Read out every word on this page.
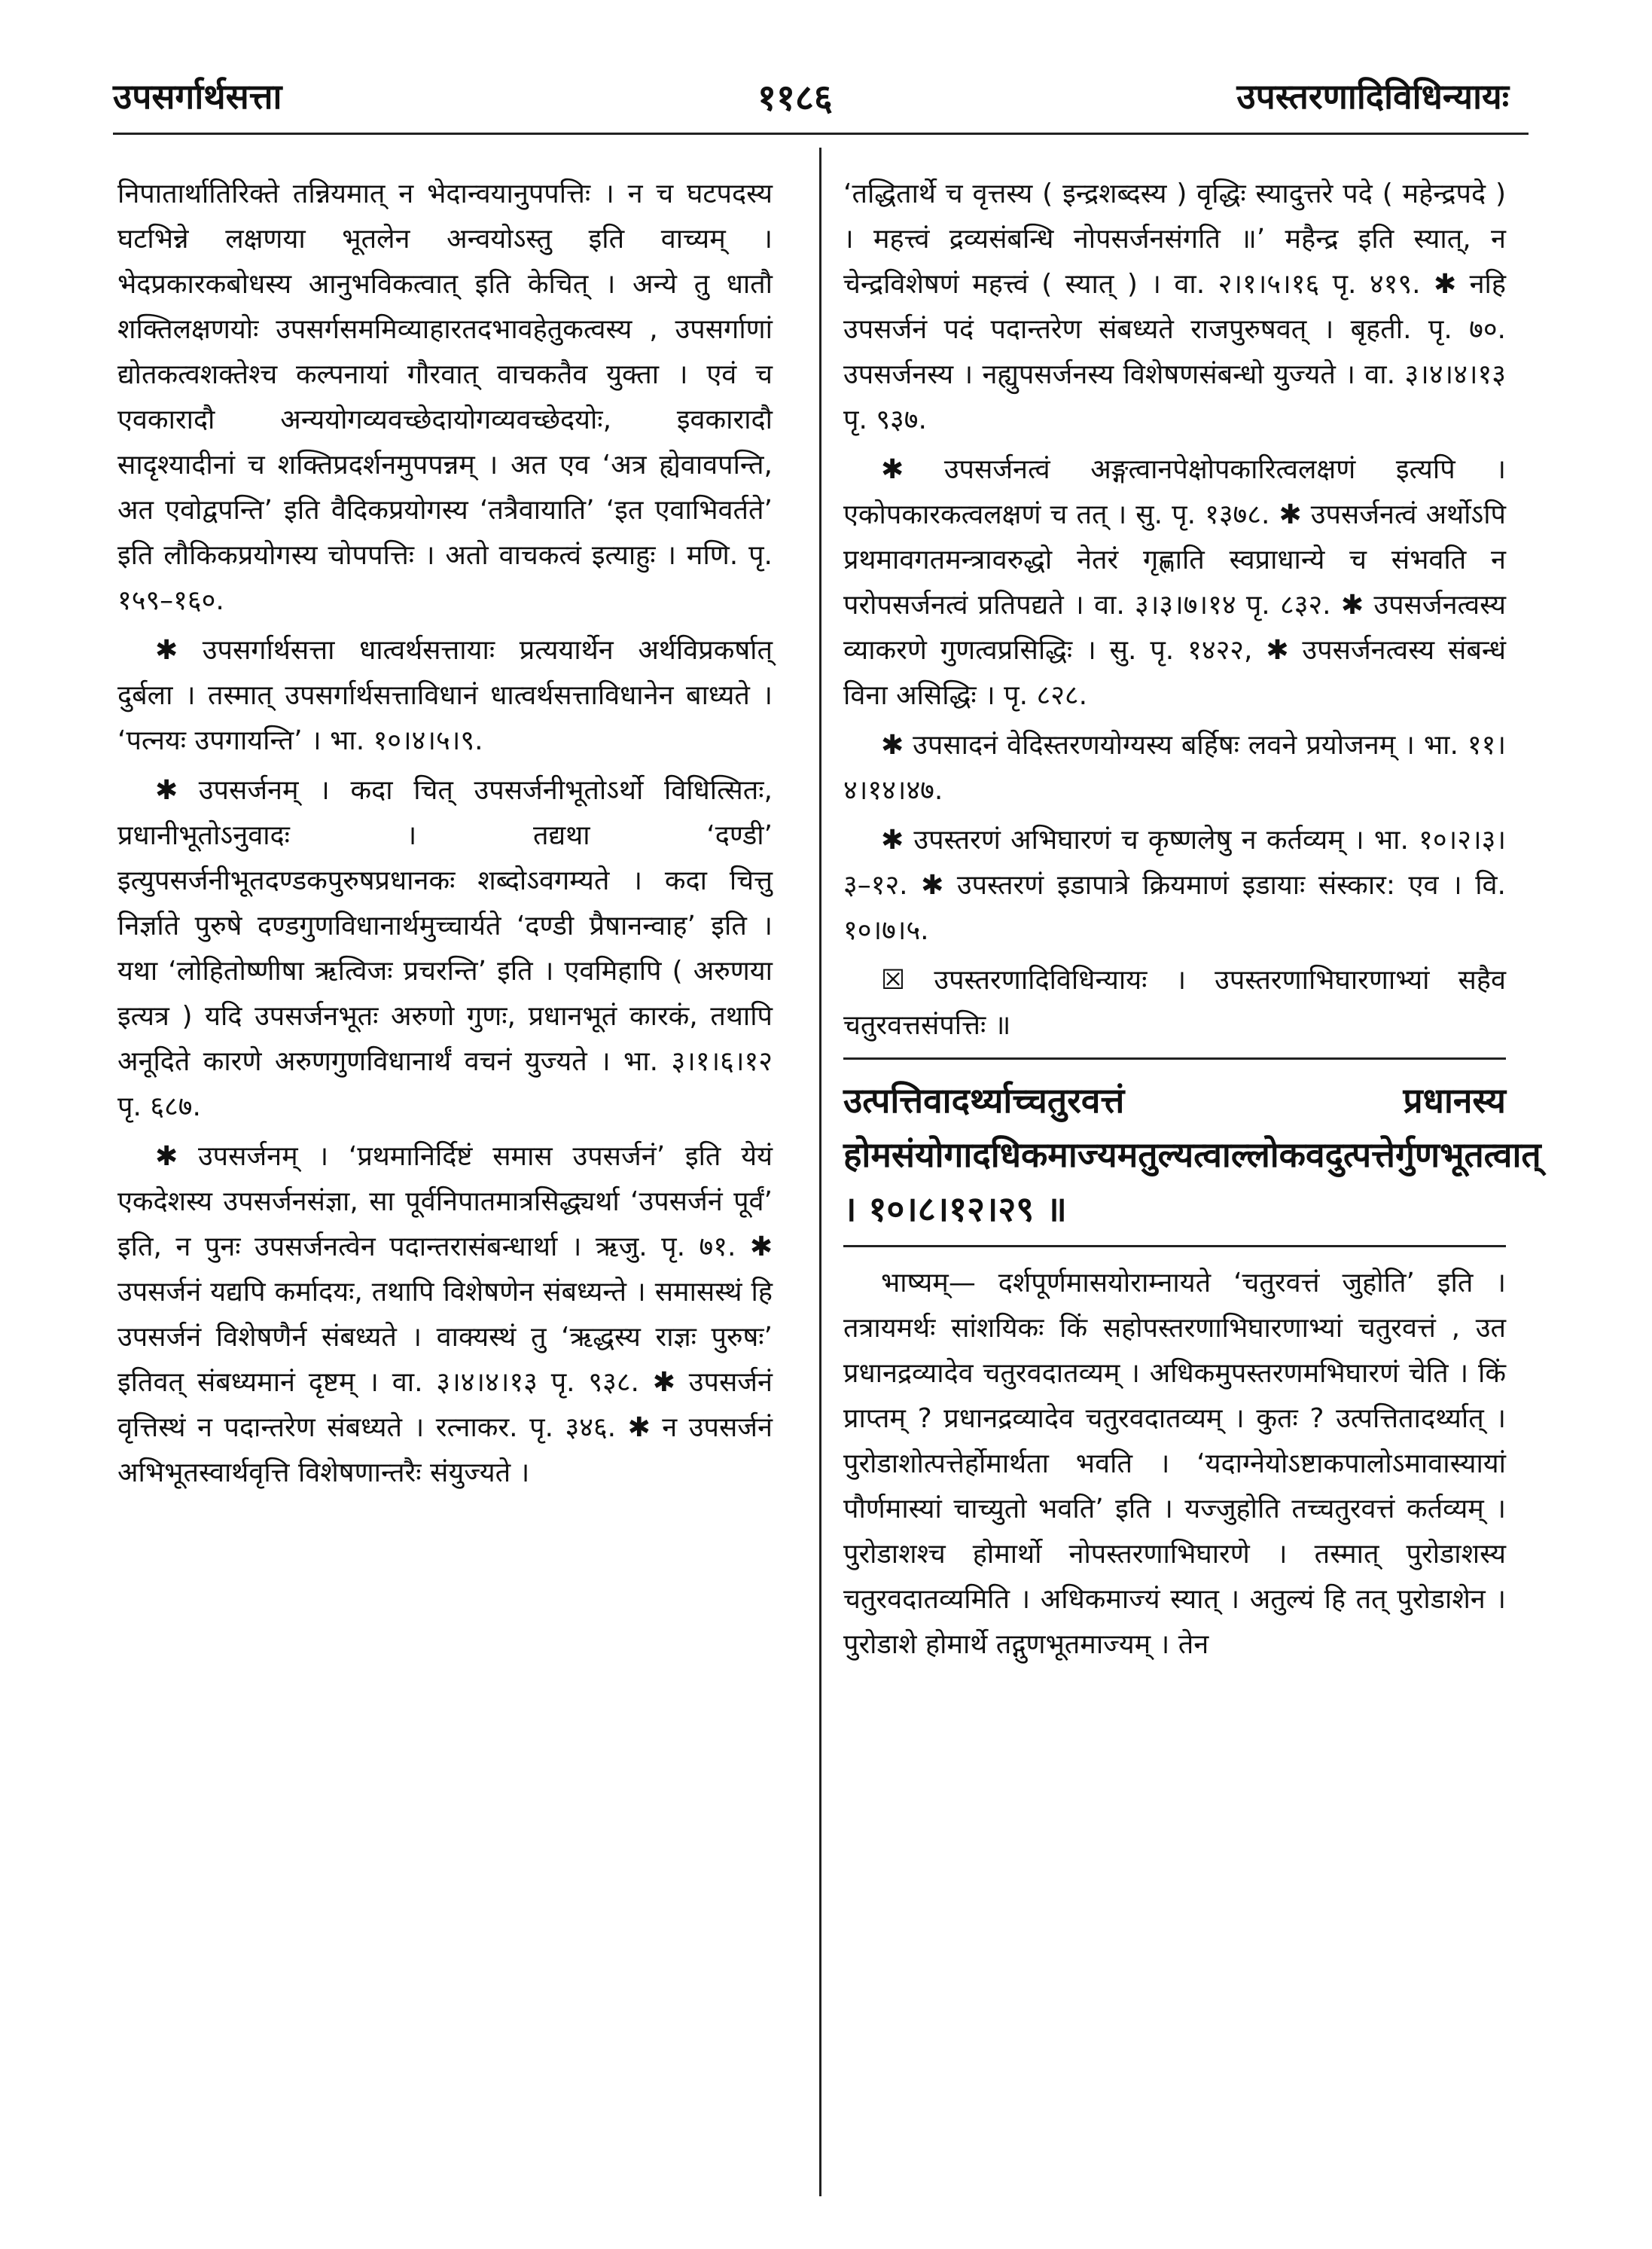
उपसर्गार्थसत्ता	११८६	उपस्तरणादिविधिन्यायः

निपातार्थातिरिक्ते तन्नियमात् न भेदान्वयानुपपत्तिः । न च घटपदस्य घटभिन्ने लक्षणया भूतलेन अन्वयोऽस्तु इति वाच्यम् । भेदप्रकारकबोधस्य आनुभविकत्वात् इति केचित् । अन्ये तु धातौ शक्तिलक्षणयोः उपसर्गसममिव्याहारतदभावहेतुकत्वस्य , उपसर्गाणां द्योतकत्वशक्तेश्च कल्पनायां गौरवात् वाचकतैव युक्ता । एवं च एवकारादौ अन्ययोगव्यवच्छेदायोगव्यवच्छेदयोः, इवकारादौ सादृश्यादीनां च शक्तिप्रदर्शनमुपपन्नम् । अत एव ‘अत्र ह्येवावपन्ति, अत एवोद्वपन्ति’ इति वैदिकप्रयोगस्य ‘तत्रैवायाति’ ‘इत एवाभिवर्तते’ इति लौकिकप्रयोगस्य चोपपत्तिः । अतो वाचकत्वं इत्याहुः । मणि. पृ. १५९–१६०.

✱ उपसर्गार्थसत्ता धात्वर्थसत्तायाः प्रत्ययार्थेन अर्थविप्रकर्षात् दुर्बला । तस्मात् उपसर्गार्थसत्ताविधानं धात्वर्थसत्ताविधानेन बाध्यते । ‘पत्नयः उपगायन्ति’ । भा. १०।४।५।९.

✱ उपसर्जनम् । कदा चित् उपसर्जनीभूतोऽर्थो विधित्सितः, प्रधानीभूतोऽनुवादः । तद्यथा ‘दण्डी’ इत्युपसर्जनीभूतदण्डकपुरुषप्रधानकः शब्दोऽवगम्यते । कदा चित्तु निर्ज्ञाते पुरुषे दण्डगुणविधानार्थमुच्चार्यते ‘दण्डी प्रैषानन्वाह’ इति । यथा ‘लोहितोष्णीषा ऋत्विजः प्रचरन्ति’ इति । एवमिहापि ( अरुणया इत्यत्र ) यदि उपसर्जनभूतः अरुणो गुणः, प्रधानभूतं कारकं, तथापि अनूदिते कारणे अरुणगुणविधानार्थं वचनं युज्यते । भा. ३।१।६।१२ पृ. ६८७.

✱ उपसर्जनम् । ‘प्रथमानिर्दिष्टं समास उपसर्जनं’ इति येयं एकदेशस्य उपसर्जनसंज्ञा, सा पूर्वनिपातमात्रसिद्ध्यर्था ‘उपसर्जनं पूर्वं’ इति, न पुनः उपसर्जनत्वेन पदान्तरासंबन्धार्था । ऋजु. पृ. ७१. ✱ उपसर्जनं यद्यपि कर्मादयः, तथापि विशेषणेन संबध्यन्ते । समासस्थं हि उपसर्जनं विशेषणैर्न संबध्यते । वाक्यस्थं तु ‘ऋद्धस्य राज्ञः पुरुषः’ इतिवत् संबध्यमानं दृष्टम् । वा. ३।४।४।१३ पृ. ९३८. ✱ उपसर्जनं वृत्तिस्थं न पदान्तरेण संबध्यते । रत्नाकर. पृ. ३४६. ✱ न उपसर्जनं अभिभूतस्वार्थवृत्ति विशेषणान्तरैः संयुज्यते ।

‘तद्धितार्थे च वृत्तस्य ( इन्द्रशब्दस्य ) वृद्धिः स्यादुत्तरे पदे ( महेन्द्रपदे ) । महत्त्वं द्रव्यसंबन्धि नोपसर्जनसंगति ॥’ महैन्द्र इति स्यात्, न चेन्द्रविशेषणं महत्त्वं ( स्यात् ) । वा. २।१।५।१६ पृ. ४१९. ✱ नहि उपसर्जनं पदं पदान्तरेण संबध्यते राजपुरुषवत् । बृहती. पृ. ७०. उपसर्जनस्य । नह्युपसर्जनस्य विशेषणसंबन्धो युज्यते । वा. ३।४।४।१३ पृ. ९३७.

✱ उपसर्जनत्वं अङ्गत्वानपेक्षोपकारित्वलक्षणं इत्यपि । एकोपकारकत्वलक्षणं च तत् । सु. पृ. १३७८. ✱ उपसर्जनत्वं अर्थोऽपि प्रथमावगतमन्त्रावरुद्धो नेतरं गृह्णाति स्वप्राधान्ये च संभवति न परोपसर्जनत्वं प्रतिपद्यते । वा. ३।३।७।१४ पृ. ८३२. ✱ उपसर्जनत्वस्य व्याकरणे गुणत्वप्रसिद्धिः । सु. पृ. १४२२, ✱ उपसर्जनत्वस्य संबन्धं विना असिद्धिः । पृ. ८२८.

✱ उपसादनं वेदिस्तरणयोग्यस्य बर्हिषः लवने प्रयोजनम् । भा. ११।४।१४।४७.

✱ उपस्तरणं अभिघारणं च कृष्णलेषु न कर्तव्यम् । भा. १०।२।३।३–१२. ✱ उपस्तरणं इडापात्रे क्रियमाणं इडायाः संस्कार: एव । वि. १०।७।५.

☒ उपस्तरणादिविधिन्यायः । उपस्तरणाभिघारणाभ्यां सहैव चतुरवत्तसंपत्तिः ॥

उत्पत्तिवादर्थ्याच्चतुरवत्तं प्रधानस्य होमसंयोगादधिकमाज्यमतुल्यत्वाल्लोकवदुत्पत्तेर्गुणभूतत्वात् । १०।८।१२।२९ ॥

भाष्यम्— दर्शपूर्णमासयोराम्नायते ‘चतुरवत्तं जुहोति’ इति । तत्रायमर्थः सांशयिकः किं सहोपस्तरणाभिघारणाभ्यां चतुरवत्तं , उत प्रधानद्रव्यादेव चतुरवदातव्यम् । अधिकमुपस्तरणमभिघारणं चेति । किं प्राप्तम् ? प्रधानद्रव्यादेव चतुरवदातव्यम् । कुतः ? उत्पत्तितादर्थ्यात् । पुरोडाशोत्पत्तेर्होमार्थता भवति । ‘यदाग्नेयोऽष्टाकपालोऽमावास्यायां पौर्णमास्यां चाच्युतो भवति’ इति । यज्जुहोति तच्चतुरवत्तं कर्तव्यम् । पुरोडाशश्च होमार्थो नोपस्तरणाभिघारणे । तस्मात् पुरोडाशस्य चतुरवदातव्यमिति । अधिकमाज्यं स्यात् । अतुल्यं हि तत् पुरोडाशेन । पुरोडाशे होमार्थे तद्गुणभूतमाज्यम् । तेन
